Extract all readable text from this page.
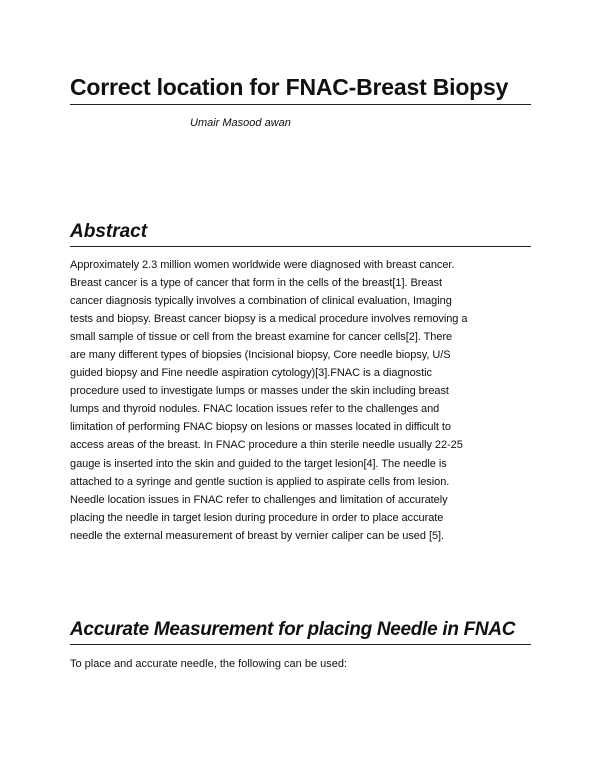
Correct location for FNAC-Breast Biopsy
Umair Masood awan
Abstract
Approximately 2.3 million women worldwide were diagnosed with breast cancer.
Breast cancer is a type of cancer that form in the cells of the breast[1]. Breast
cancer diagnosis typically involves a combination of clinical evaluation, Imaging
tests and biopsy. Breast cancer biopsy is a medical procedure involves removing a
small sample of tissue or cell from the breast examine for cancer cells[2]. There
are many different types of biopsies (Incisional biopsy, Core needle biopsy, U/S
guided biopsy and Fine needle aspiration cytology)[3].FNAC is a diagnostic
procedure used to investigate lumps or masses under the skin including breast
lumps and thyroid nodules. FNAC location issues refer to the challenges and
limitation of performing FNAC biopsy on lesions or masses located in difficult to
access areas of the breast. In FNAC procedure a thin sterile needle usually 22-25
gauge is inserted into the skin and guided to the target lesion[4]. The needle is
attached to a syringe and gentle suction is applied to aspirate cells from lesion.
Needle location issues in FNAC refer to challenges and limitation of accurately
placing the needle in target lesion during procedure in order to place accurate
needle the external measurement of breast by vernier caliper can be used [5].
Accurate Measurement for placing Needle in FNAC
To place and accurate needle, the following can be used:
